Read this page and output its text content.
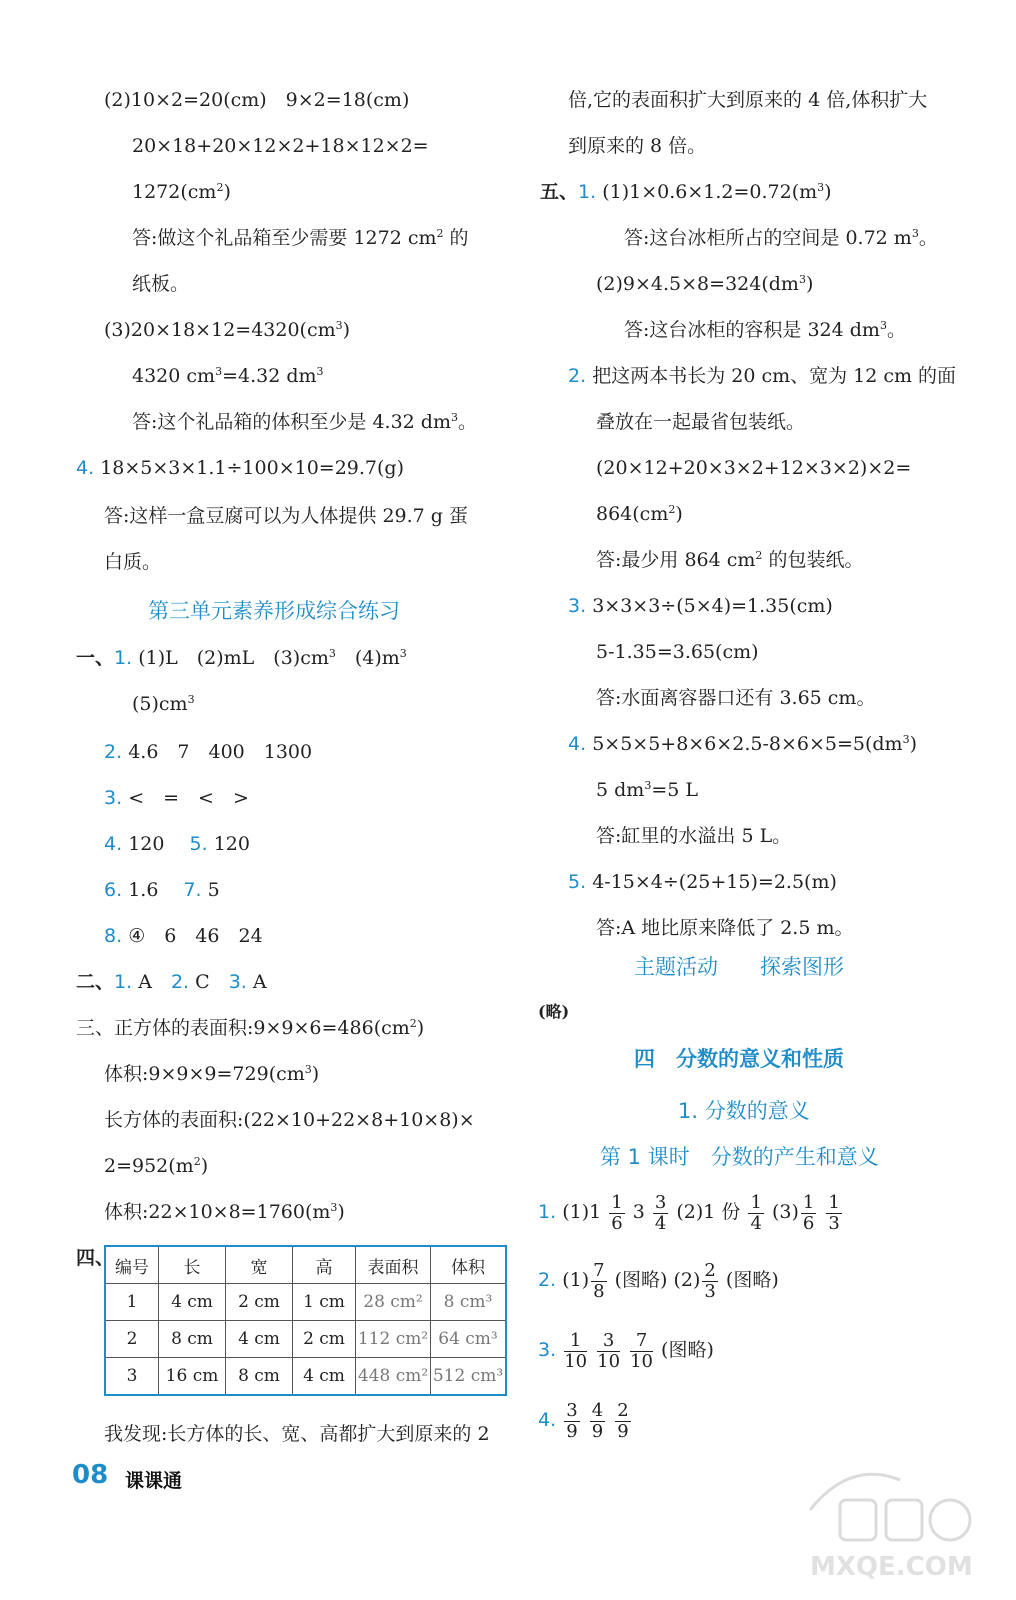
(2)10×2=20(cm)　9×2=18(cm)
20×18+20×12×2+18×12×2=
$1272(cm^2)$
答:做这个礼品箱至少需要 1272 $cm^2$ 的
纸板。
$(3)20\times 18\times 12=4320(cm^3)$
4320 $cm^3=4.32$ $dm^3$
答:这个礼品箱的体积至少是 4.32 $dm^3$。
4. 18×5×3×1.1÷100×10=29.7(g)
答:这样一盒豆腐可以为人体提供 29.7 g 蛋
白质。
第三单元素养形成综合练习
一、1. (1)L　(2)mL　$(3)cm^3$　$(4)m^3$
$(5)cm^3$
2. 4.6　7　400　1300
3. <　=　<　>
4. 120　 5. 120
6. 1.6　 7. 5
8. ④　6　46　24
二、1. A　 2. C　 3. A
三、正方体的表面积$:9\times 9\times 6=486(cm^2)$
体积$:9\times 9\times 9=729(cm^3)$
长方体的表面积:(22×10+22×8+10×8)×
$2=952(m^2)$
体积$:22\times 10\times 8=1760(m^3)$
四、 编号	长	宽	高	表面积	体积
1	4 cm	2 cm	1 cm	28 cm²	8 cm³
2	8 cm	4 cm	2 cm	112 cm²	64 cm³
3	16 cm	8 cm	4 cm	448 cm²	512 cm³
我发现:长方体的长、宽、高都扩大到原来的 2
08 课课通
倍,它的表面积扩大到原来的 4 倍,体积扩大
到原来的 8 倍。
五、1. $(1)1\times 0.6\times 1.2=0.72(m^3)$
答:这台冰柜所占的空间是 0.72 $m^3$。
$(2)9\times 4.5\times 8=324(dm^3)$
答:这台冰柜的容积是 324 $dm^3$。
2. 把这两本书长为 20 cm、宽为 12 cm 的面
叠放在一起最省包装纸。
(20×12+20×3×2+12×3×2)×2=
$864(cm^2)$
答:最少用 864 $cm^2$ 的包装纸。
3. 3×3×3÷(5×4)=1.35(cm)
5-1.35=3.65(cm)
答:水面离容器口还有 3.65 cm。
4. $5\times 5\times 5+8\times 6\times 2.5-8\times 6\times 5=5(dm^3)$
5 $dm^3=5$ L
答:缸里的水溢出 5 L。
5. 4-15×4÷(25+15)=2.5(m)
答:A 地比原来降低了 2.5 m。
主题活动　　探索图形
(略)
四　分数的意义和性质
1. 分数的意义
第 1 课时　分数的产生和意义
1. $(1)1 \frac{1}{6} 3 \frac{3}{4} (2)1$ 份 $\frac{1}{4} (3) \frac{1}{6}$
$\frac{1}{3}$
2. $(1) \frac{7}{8}$ (图略) $(2) \frac{2}{3}$ (图略)
3. $\frac{1}{10}$
$\frac{3}{10}$
$\frac{7}{10}$ (图略)
4. $\frac{3}{9}$
$\frac{4}{9}$
$\frac{2}{9}$
MXQE.COM
